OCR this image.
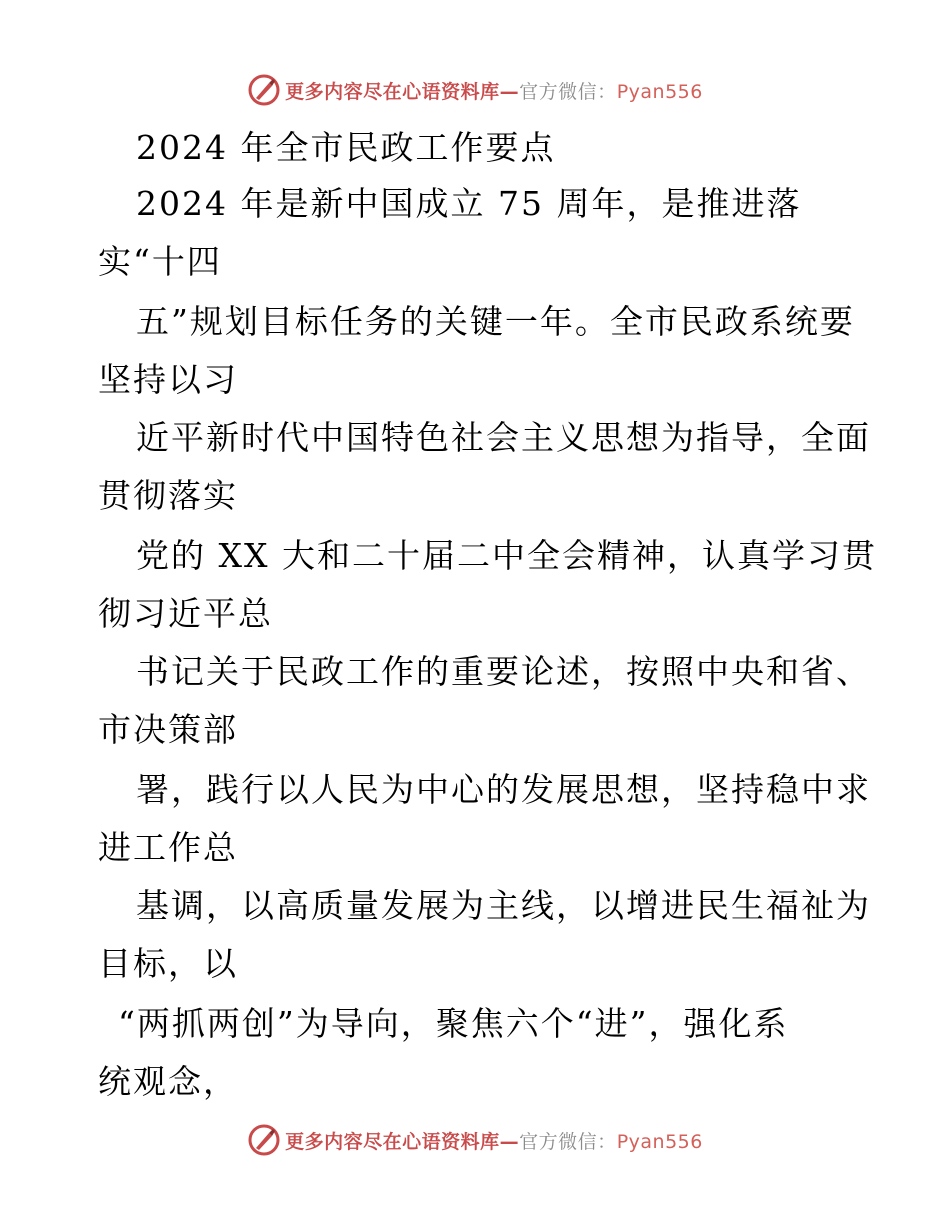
更多内容尽在心语资料库—官方微信：Pyan556
2024 年全市民政工作要点
2024 年是新中国成立 75 周年，是推进落
实“十四
五”规划目标任务的关键一年。全市民政系统要
坚持以习
近平新时代中国特色社会主义思想为指导，全面
贯彻落实
党的 XX 大和二十届二中全会精神，认真学习贯
彻习近平总
书记关于民政工作的重要论述，按照中央和省、
市决策部
署，践行以人民为中心的发展思想，坚持稳中求
进工作总
基调，以高质量发展为主线，以增进民生福祉为
目标，以
“两抓两创”为导向，聚焦六个“进”，强化系
统观念，
更多内容尽在心语资料库—官方微信：Pyan556
